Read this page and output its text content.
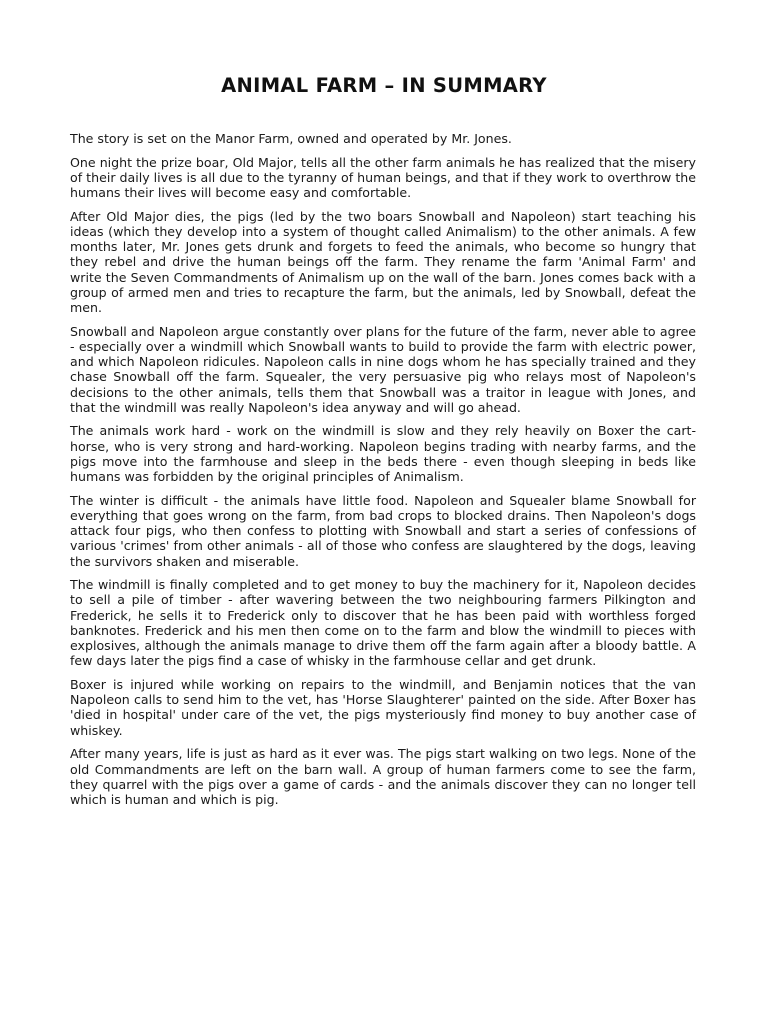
ANIMAL FARM – IN SUMMARY

The story is set on the Manor Farm, owned and operated by Mr. Jones.

One night the prize boar, Old Major, tells all the other farm animals he has realized that the misery of their daily lives is all due to the tyranny of human beings, and that if they work to overthrow the humans their lives will become easy and comfortable.

After Old Major dies, the pigs (led by the two boars Snowball and Napoleon) start teaching his ideas (which they develop into a system of thought called Animalism) to the other animals. A few months later, Mr. Jones gets drunk and forgets to feed the animals, who become so hungry that they rebel and drive the human beings off the farm. They rename the farm 'Animal Farm' and write the Seven Commandments of Animalism up on the wall of the barn. Jones comes back with a group of armed men and tries to recapture the farm, but the animals, led by Snowball, defeat the men.

Snowball and Napoleon argue constantly over plans for the future of the farm, never able to agree - especially over a windmill which Snowball wants to build to provide the farm with electric power, and which Napoleon ridicules. Napoleon calls in nine dogs whom he has specially trained and they chase Snowball off the farm. Squealer, the very persuasive pig who relays most of Napoleon's decisions to the other animals, tells them that Snowball was a traitor in league with Jones, and that the windmill was really Napoleon's idea anyway and will go ahead.

The animals work hard - work on the windmill is slow and they rely heavily on Boxer the cart-horse, who is very strong and hard-working. Napoleon begins trading with nearby farms, and the pigs move into the farmhouse and sleep in the beds there - even though sleeping in beds like humans was forbidden by the original principles of Animalism.

The winter is difficult - the animals have little food. Napoleon and Squealer blame Snowball for everything that goes wrong on the farm, from bad crops to blocked drains. Then Napoleon's dogs attack four pigs, who then confess to plotting with Snowball and start a series of confessions of various 'crimes' from other animals - all of those who confess are slaughtered by the dogs, leaving the survivors shaken and miserable.

The windmill is finally completed and to get money to buy the machinery for it, Napoleon decides to sell a pile of timber - after wavering between the two neighbouring farmers Pilkington and Frederick, he sells it to Frederick only to discover that he has been paid with worthless forged banknotes. Frederick and his men then come on to the farm and blow the windmill to pieces with explosives, although the animals manage to drive them off the farm again after a bloody battle. A few days later the pigs find a case of whisky in the farmhouse cellar and get drunk.

Boxer is injured while working on repairs to the windmill, and Benjamin notices that the van Napoleon calls to send him to the vet, has 'Horse Slaughterer' painted on the side. After Boxer has 'died in hospital' under care of the vet, the pigs mysteriously find money to buy another case of whiskey.

After many years, life is just as hard as it ever was. The pigs start walking on two legs. None of the old Commandments are left on the barn wall. A group of human farmers come to see the farm, they quarrel with the pigs over a game of cards - and the animals discover they can no longer tell which is human and which is pig.
